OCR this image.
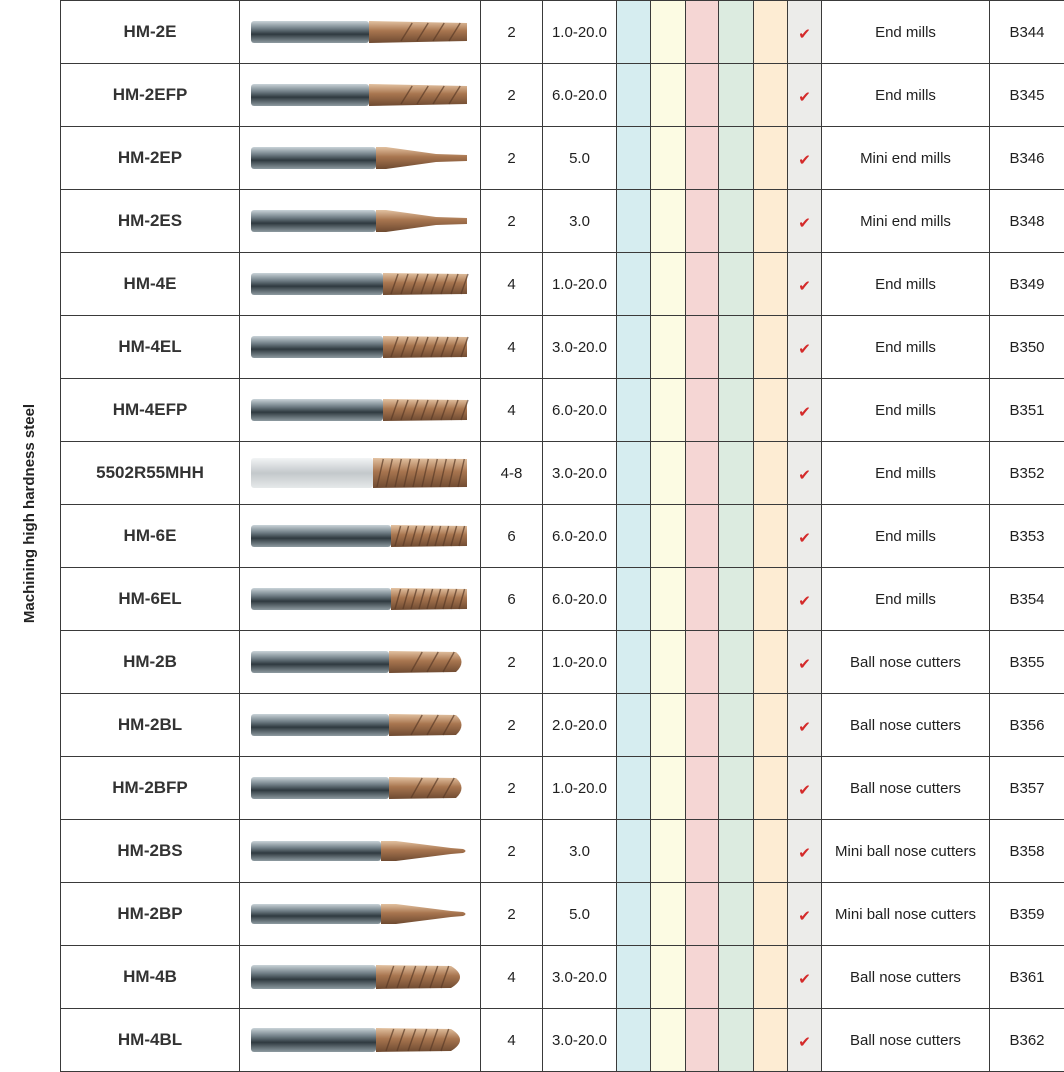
Machining high hardness steel
HM-2E		2	1.0-20.0						✔	End mills	B344
HM-2EFP		2	6.0-20.0						✔	End mills	B345
HM-2EP		2	5.0						✔	Mini end mills	B346
HM-2ES		2	3.0						✔	Mini end mills	B348
HM-4E		4	1.0-20.0						✔	End mills	B349
HM-4EL		4	3.0-20.0						✔	End mills	B350
HM-4EFP		4	6.0-20.0						✔	End mills	B351
5502R55MHH		4-8	3.0-20.0						✔	End mills	B352
HM-6E		6	6.0-20.0						✔	End mills	B353
HM-6EL		6	6.0-20.0						✔	End mills	B354
HM-2B		2	1.0-20.0						✔	Ball nose cutters	B355
HM-2BL		2	2.0-20.0						✔	Ball nose cutters	B356
HM-2BFP		2	1.0-20.0						✔	Ball nose cutters	B357
HM-2BS		2	3.0						✔	Mini ball nose cutters	B358
HM-2BP		2	5.0						✔	Mini ball nose cutters	B359
HM-4B		4	3.0-20.0						✔	Ball nose cutters	B361
HM-4BL		4	3.0-20.0						✔	Ball nose cutters	B362
